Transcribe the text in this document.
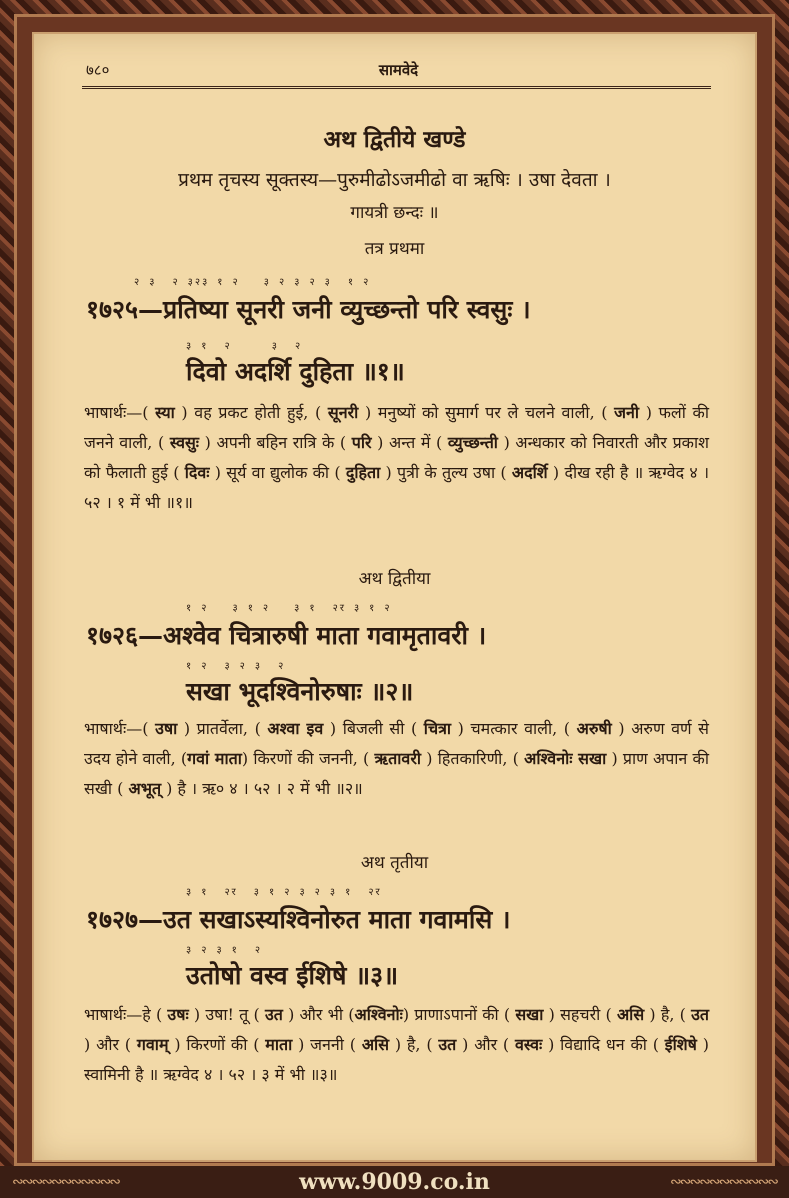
७८०	सामवेदे
अथ द्वितीये खण्डे
प्रथम तृचस्य सूक्तस्य—पुरुमीढोऽजमीढो वा ऋषिः । उषा देवता ।
गायत्री छन्दः ॥
तत्र प्रथमा
२ ३  २ ३२३ १ २   ३ २ ३ २ ३  १ २
१७२५—प्रतिष्या सूनरी जनी व्युच्छन्तो परि स्वसुः ।
३ १  २     ३  २
दिवो अदर्शि दुहिता ॥१॥
भाषार्थः—( स्या ) वह प्रकट होती हुई, ( सूनरी ) मनुष्यों को सुमार्ग पर ले चलने वाली, ( जनी ) फलों की जनने वाली, ( स्वसुः ) अपनी बहिन रात्रि के ( परि ) अन्त में ( व्युच्छन्ती ) अन्धकार को निवारती और प्रकाश को फैलाती हुई ( दिवः ) सूर्य वा द्युलोक की ( दुहिता ) पुत्री के तुल्य उषा ( अदर्शि ) दीख रही है ॥ ऋग्वेद ४ । ५२ । १ में भी ॥१॥
अथ द्वितीया
१ २   ३ १ २   ३ १  २र ३ १ २
१७२६—अश्वेव चित्रारुषी माता गवामृतावरी ।
१ २  ३ २ ३  २
सखा भूदश्विनोरुषाः ॥२॥
भाषार्थः—( उषा ) प्रातर्वेला, ( अश्वा इव ) बिजली सी ( चित्रा ) चमत्कार वाली, ( अरुषी ) अरुण वर्ण से उदय होने वाली, (गवां माता) किरणों की जननी, ( ऋतावरी ) हितकारिणी, ( अश्विनोः सखा ) प्राण अपान की सखी ( अभूत् ) है । ऋ० ४ । ५२ । २ में भी ॥२॥
अथ तृतीया
३ १  २र  ३ १ २ ३ २ ३ १  २र
१७२७—उत सखाऽस्यश्विनोरुत माता गवामसि ।
३ २ ३ १  २
उतोषो वस्व ईशिषे ॥३॥
भाषार्थः—हे ( उषः ) उषा! तू ( उत ) और भी (अश्विनोः) प्राणाऽपानों की ( सखा ) सहचरी ( असि ) है, ( उत ) और ( गवाम् ) किरणों की ( माता ) जननी ( असि ) है, ( उत ) और ( वस्वः ) विद्यादि धन की ( ईशिषे ) स्वामिनी है ॥ ऋग्वेद ४ । ५२ । ३ में भी ॥३॥
www.9009.co.in
∾∾∾∾∾∾∾∾∾∾∾	∾∾∾∾∾∾∾∾∾∾∾
